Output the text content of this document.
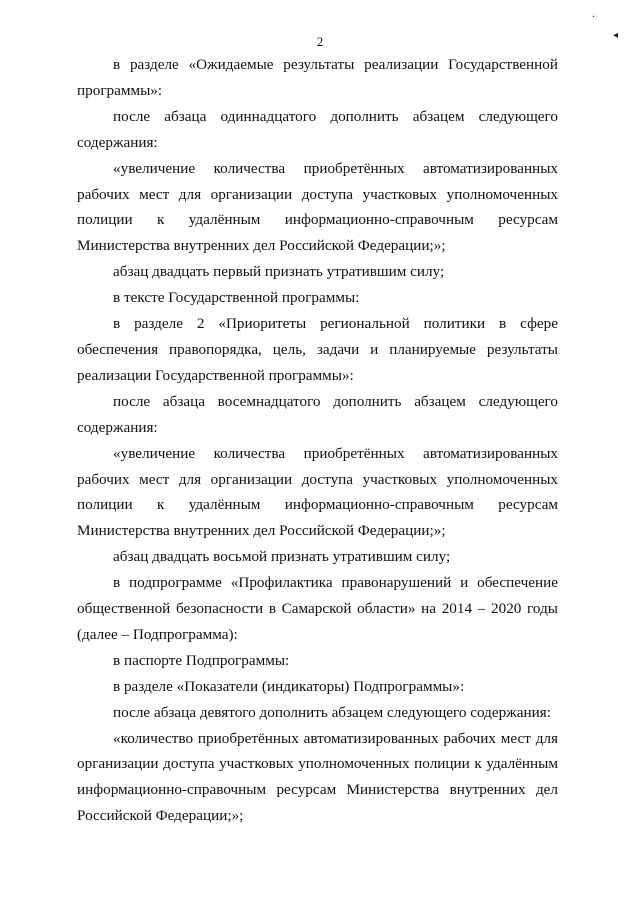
2
.
◂
в разделе «Ожидаемые результаты реализации Государственной
программы»:
после абзаца одиннадцатого дополнить абзацем следующего
содержания:
«увеличение количества приобретённых автоматизированных
рабочих мест для организации доступа участковых уполномоченных
полиции к удалённым информационно-справочным ресурсам
Министерства внутренних дел Российской Федерации;»;
абзац двадцать первый признать утратившим силу;
в тексте Государственной программы:
в разделе 2 «Приоритеты региональной политики в сфере
обеспечения правопорядка, цель, задачи и планируемые результаты
реализации Государственной программы»:
после абзаца восемнадцатого дополнить абзацем следующего
содержания:
«увеличение количества приобретённых автоматизированных
рабочих мест для организации доступа участковых уполномоченных
полиции к удалённым информационно-справочным ресурсам
Министерства внутренних дел Российской Федерации;»;
абзац двадцать восьмой признать утратившим силу;
в подпрограмме «Профилактика правонарушений и обеспечение
общественной безопасности в Самарской области» на 2014 – 2020 годы
(далее – Подпрограмма):
в паспорте Подпрограммы:
в разделе «Показатели (индикаторы) Подпрограммы»:
после абзаца девятого дополнить абзацем следующего содержания:
«количество приобретённых автоматизированных рабочих мест для
организации доступа участковых уполномоченных полиции к удалённым
информационно-справочным ресурсам Министерства внутренних дел
Российской Федерации;»;
